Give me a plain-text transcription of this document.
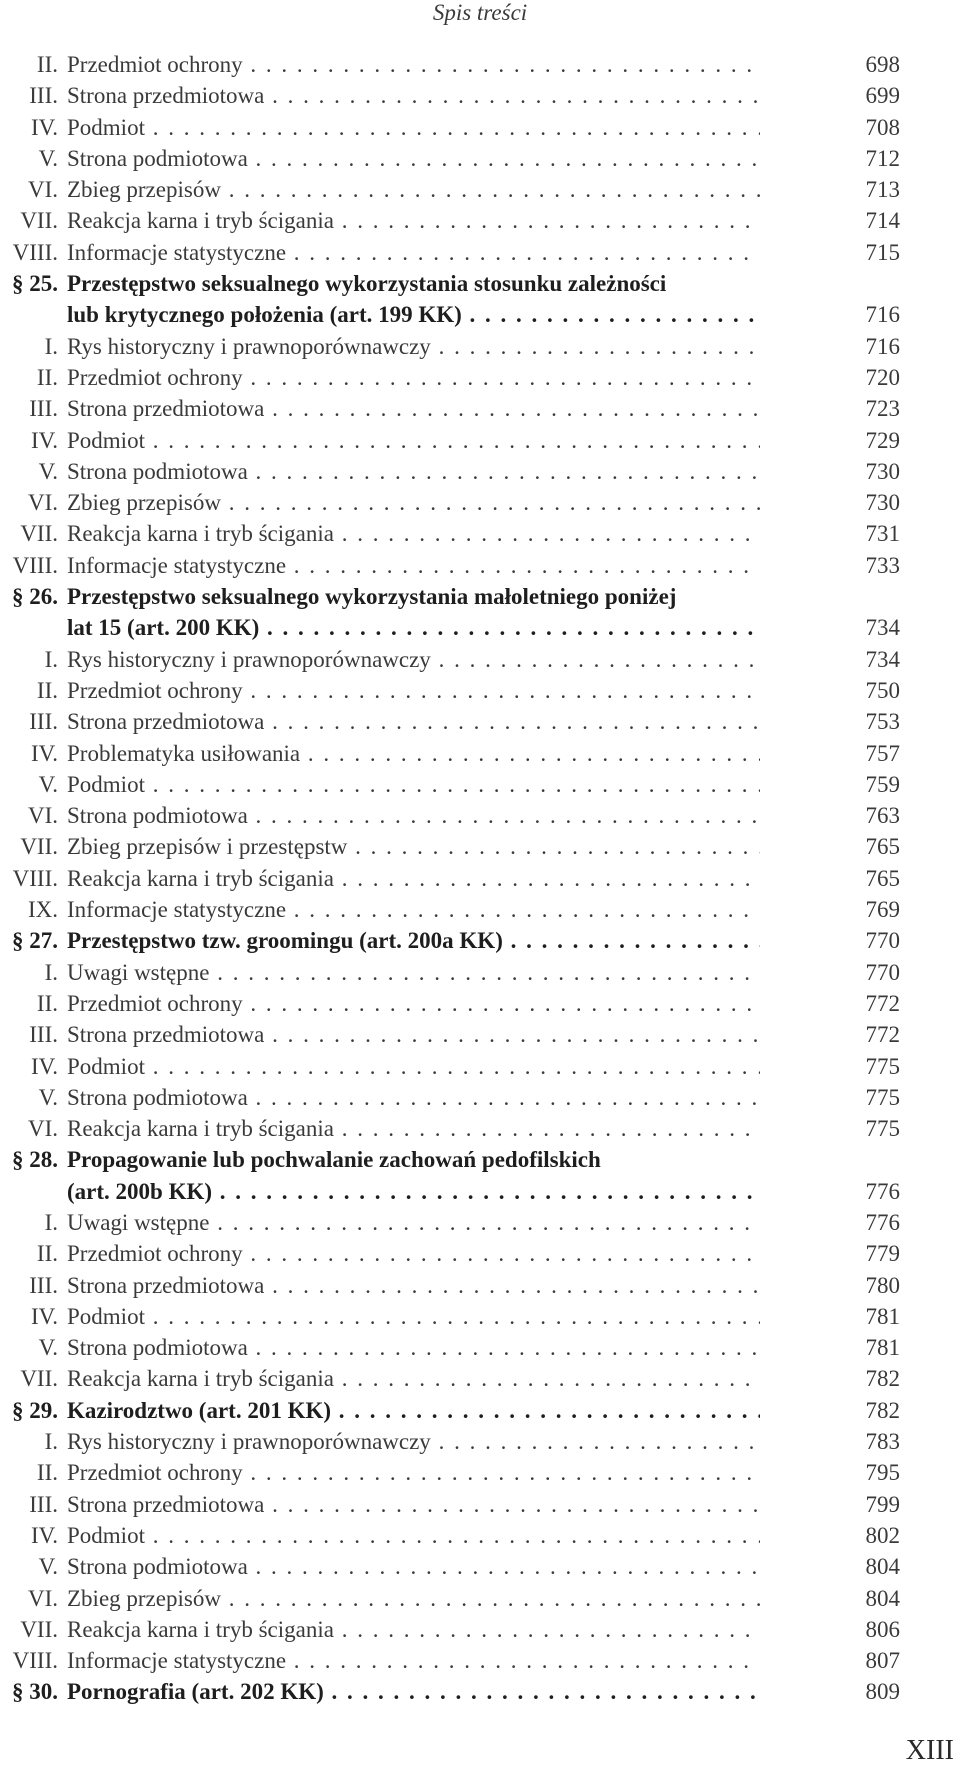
Spis treści
II. Przedmiot ochrony . . .	698
III. Strona przedmiotowa . . .	699
IV. Podmiot . . .	708
V. Strona podmiotowa . . .	712
VI. Zbieg przepisów . . .	713
VII. Reakcja karna i tryb ścigania . . .	714
VIII. Informacje statystyczne . . .	715
§ 25. Przestępstwo seksualnego wykorzystania stosunku zależności
lub krytycznego położenia (art. 199 KK) . . .	716
I. Rys historyczny i prawnoporównawczy . . .	716
II. Przedmiot ochrony . . .	720
III. Strona przedmiotowa . . .	723
IV. Podmiot . . .	729
V. Strona podmiotowa . . .	730
VI. Zbieg przepisów . . .	730
VII. Reakcja karna i tryb ścigania . . .	731
VIII. Informacje statystyczne . . .	733
§ 26. Przestępstwo seksualnego wykorzystania małoletniego poniżej
lat 15 (art. 200 KK) . . .	734
I. Rys historyczny i prawnoporównawczy . . .	734
II. Przedmiot ochrony . . .	750
III. Strona przedmiotowa . . .	753
IV. Problematyka usiłowania . . .	757
V. Podmiot . . .	759
VI. Strona podmiotowa . . .	763
VII. Zbieg przepisów i przestępstw . . .	765
VIII. Reakcja karna i tryb ścigania . . .	765
IX. Informacje statystyczne . . .	769
§ 27. Przestępstwo tzw. groomingu (art. 200a KK) . . .	770
I. Uwagi wstępne . . .	770
II. Przedmiot ochrony . . .	772
III. Strona przedmiotowa . . .	772
IV. Podmiot . . .	775
V. Strona podmiotowa . . .	775
VI. Reakcja karna i tryb ścigania . . .	775
§ 28. Propagowanie lub pochwalanie zachowań pedofilskich
(art. 200b KK) . . .	776
I. Uwagi wstępne . . .	776
II. Przedmiot ochrony . . .	779
III. Strona przedmiotowa . . .	780
IV. Podmiot . . .	781
V. Strona podmiotowa . . .	781
VII. Reakcja karna i tryb ścigania . . .	782
§ 29. Kazirodztwo (art. 201 KK) . . .	782
I. Rys historyczny i prawnoporównawczy . . .	783
II. Przedmiot ochrony . . .	795
III. Strona przedmiotowa . . .	799
IV. Podmiot . . .	802
V. Strona podmiotowa . . .	804
VI. Zbieg przepisów . . .	804
VII. Reakcja karna i tryb ścigania . . .	806
VIII. Informacje statystyczne . . .	807
§ 30. Pornografia (art. 202 KK) . . .	809
XIII
